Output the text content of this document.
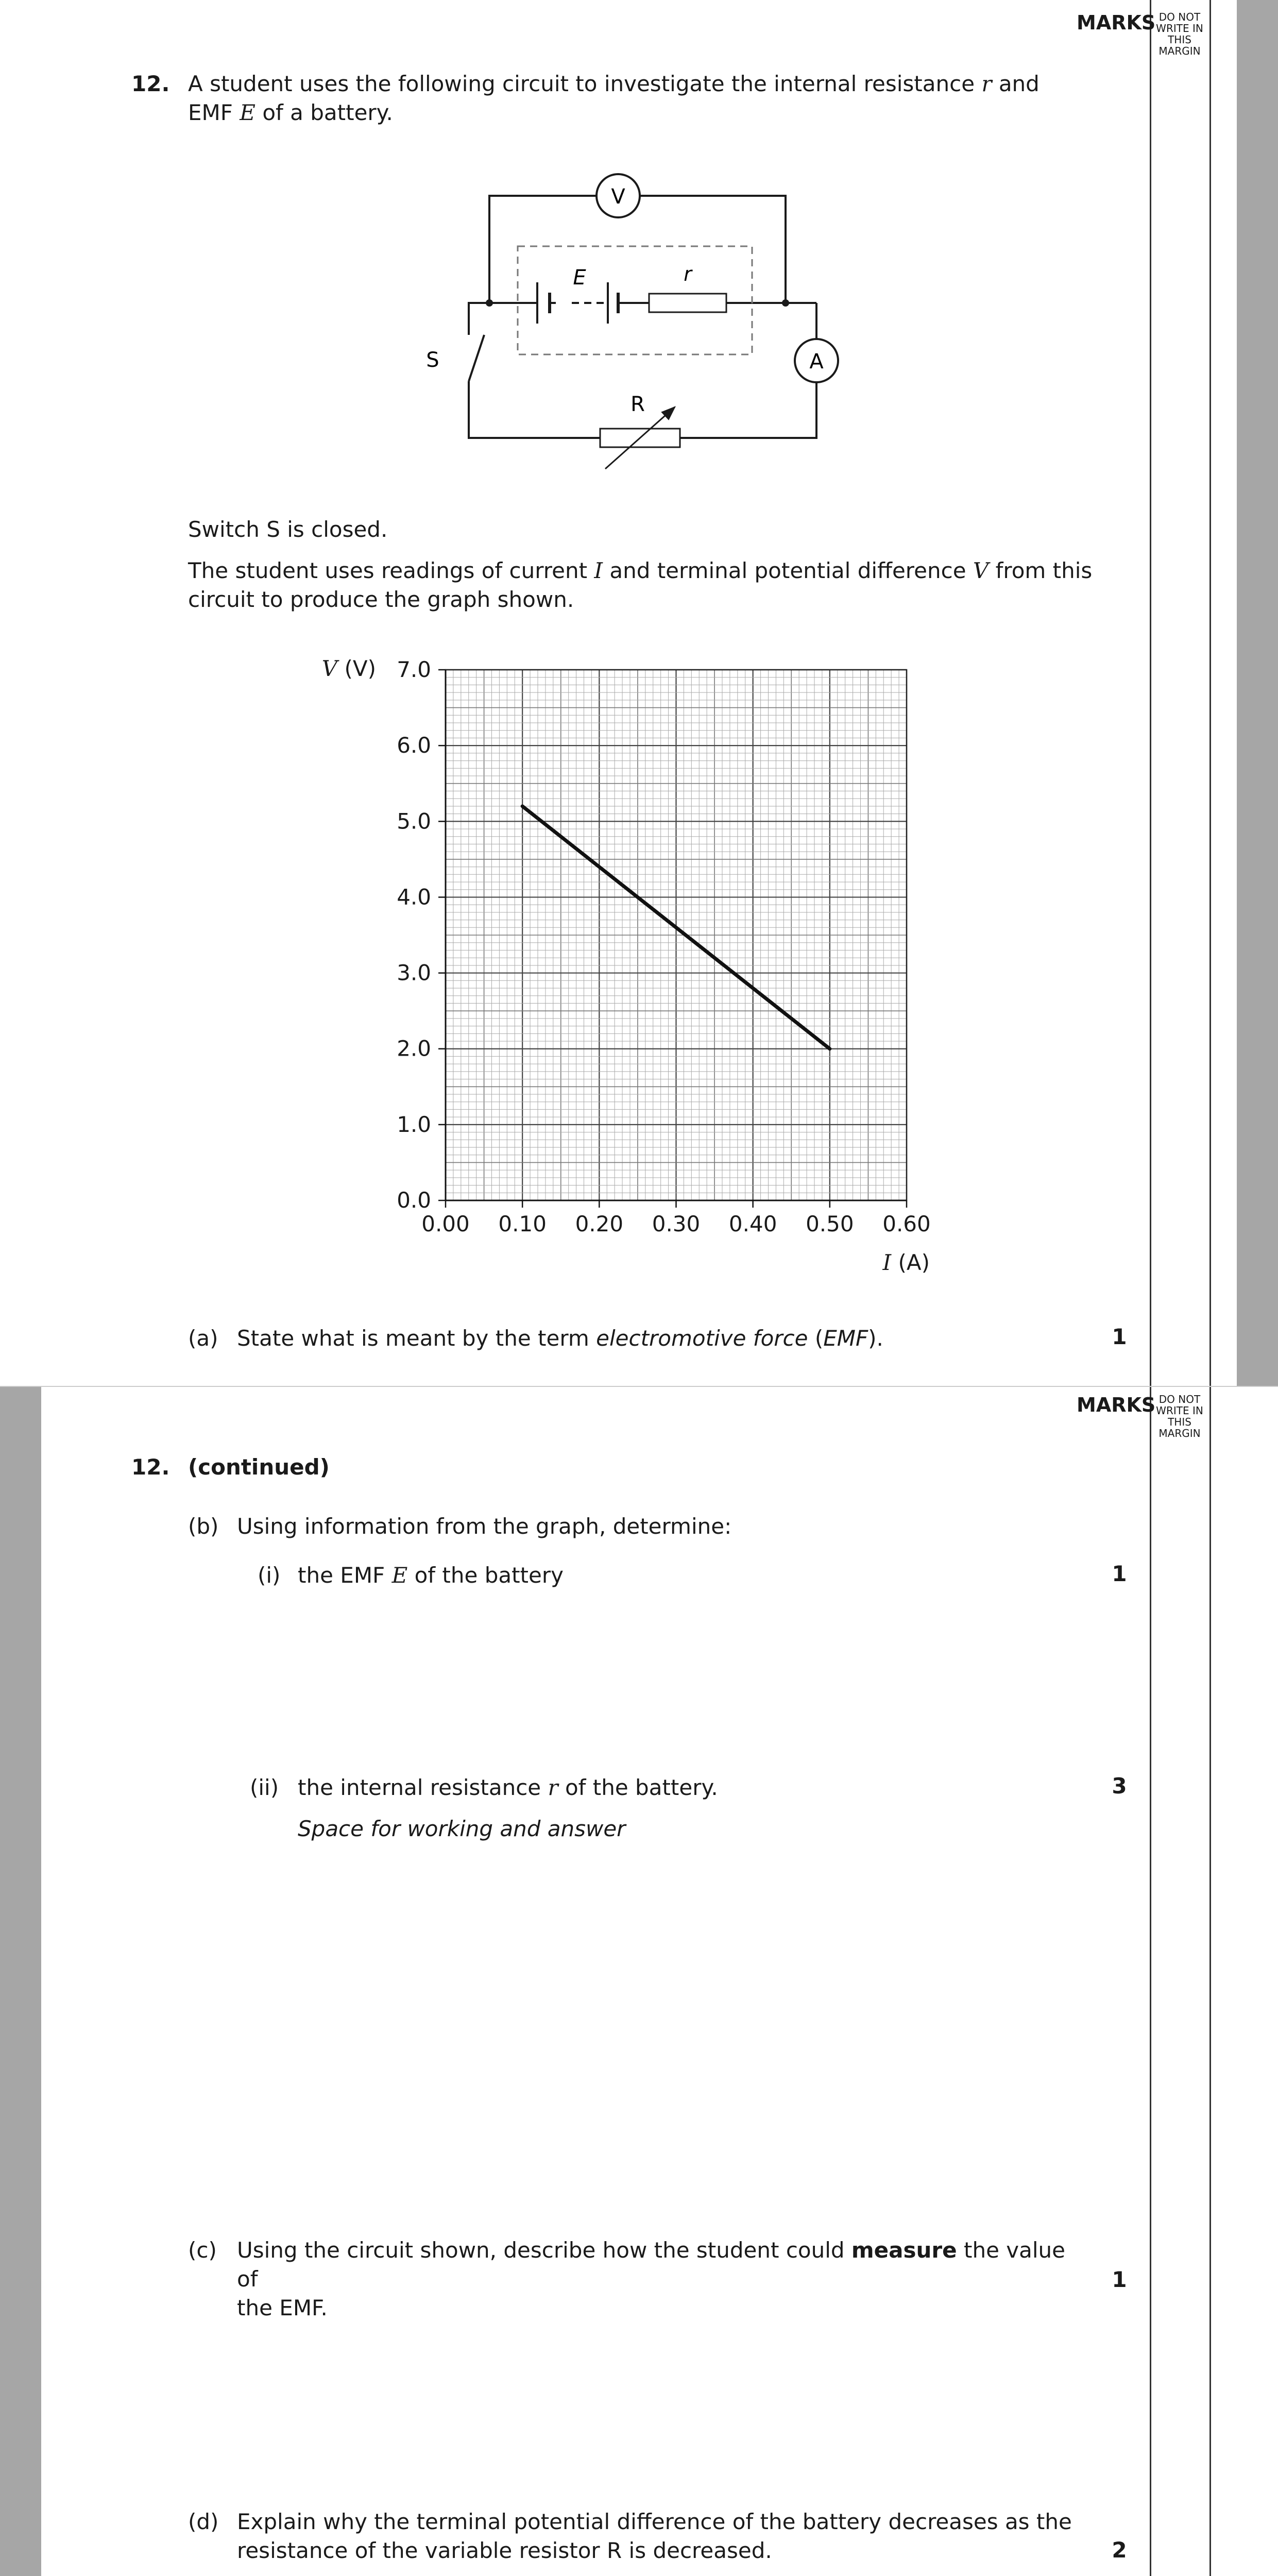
MARKS DO NOT
WRITE IN
THIS
MARGIN
MARKS DO NOT
WRITE IN
THIS
MARGIN
12. A student uses the following circuit to investigate the internal resistance r and
EMF E of a battery.
V
A
E	r
S
R
Switch S is closed.
The student uses readings of current I and terminal potential difference V from this
circuit to produce the graph shown.
0.00 0.10 0.20 0.30 0.40 0.50 0.60
0.0
1.0
2.0
3.0
4.0
5.0
6.0
7.0
V (V)
I (A)
(a) State what is meant by the term electromotive force (EMF).	1
12. (continued)
(b) Using information from the graph, determine:
(i) the EMF E of the battery	1
(ii) the internal resistance r of the battery.	3
Space for working and answer
(c) Using the circuit shown, describe how the student could measure the value of
the EMF.
1
(d) Explain why the terminal potential difference of the battery decreases as the
resistance of the variable resistor R is decreased.	2
